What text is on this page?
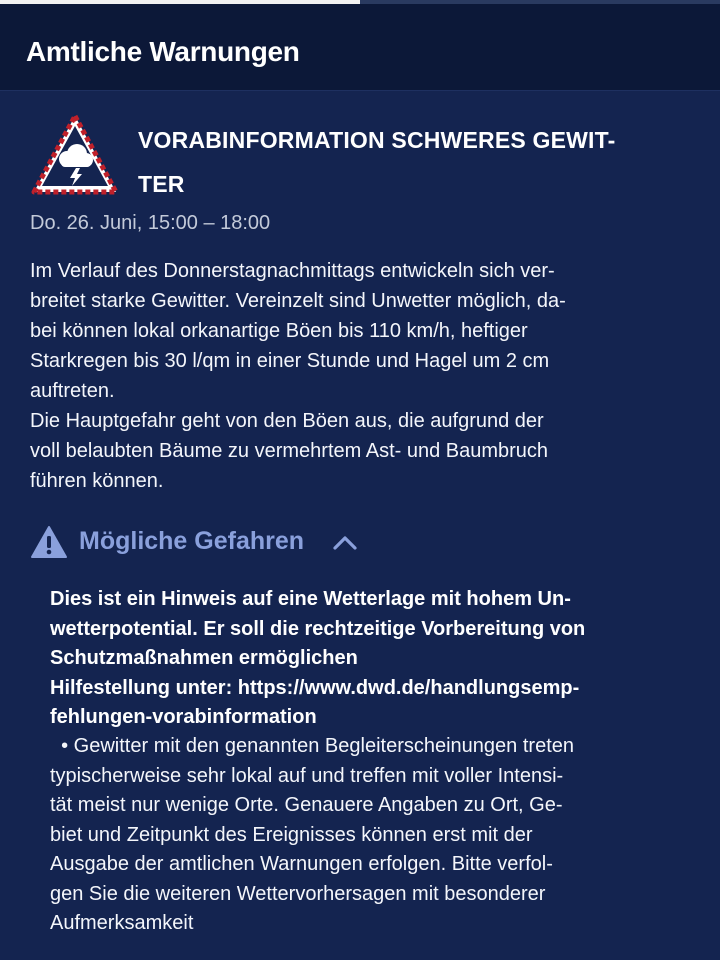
Amtliche Warnungen
VORABINFORMATION SCHWERES GEWIT-
TER
Do. 26. Juni, 15:00 – 18:00
Im Verlauf des Donnerstagnachmittags entwickeln sich ver-
breitet starke Gewitter. Vereinzelt sind Unwetter möglich, da-
bei können lokal orkanartige Böen bis 110 km/h, heftiger
Starkregen bis 30 l/qm in einer Stunde und Hagel um 2 cm
auftreten.
Die Hauptgefahr geht von den Böen aus, die aufgrund der
voll belaubten Bäume zu vermehrtem Ast- und Baumbruch
führen können.
Mögliche Gefahren
Dies ist ein Hinweis auf eine Wetterlage mit hohem Un-
wetterpotential. Er soll die rechtzeitige Vorbereitung von
Schutzmaßnahmen ermöglichen
Hilfestellung unter: https://www.dwd.de/handlungsemp-
fehlungen-vorabinformation
• Gewitter mit den genannten Begleiterscheinungen treten
typischerweise sehr lokal auf und treffen mit voller Intensi-
tät meist nur wenige Orte. Genauere Angaben zu Ort, Ge-
biet und Zeitpunkt des Ereignisses können erst mit der
Ausgabe der amtlichen Warnungen erfolgen. Bitte verfol-
gen Sie die weiteren Wettervorhersagen mit besonderer
Aufmerksamkeit
